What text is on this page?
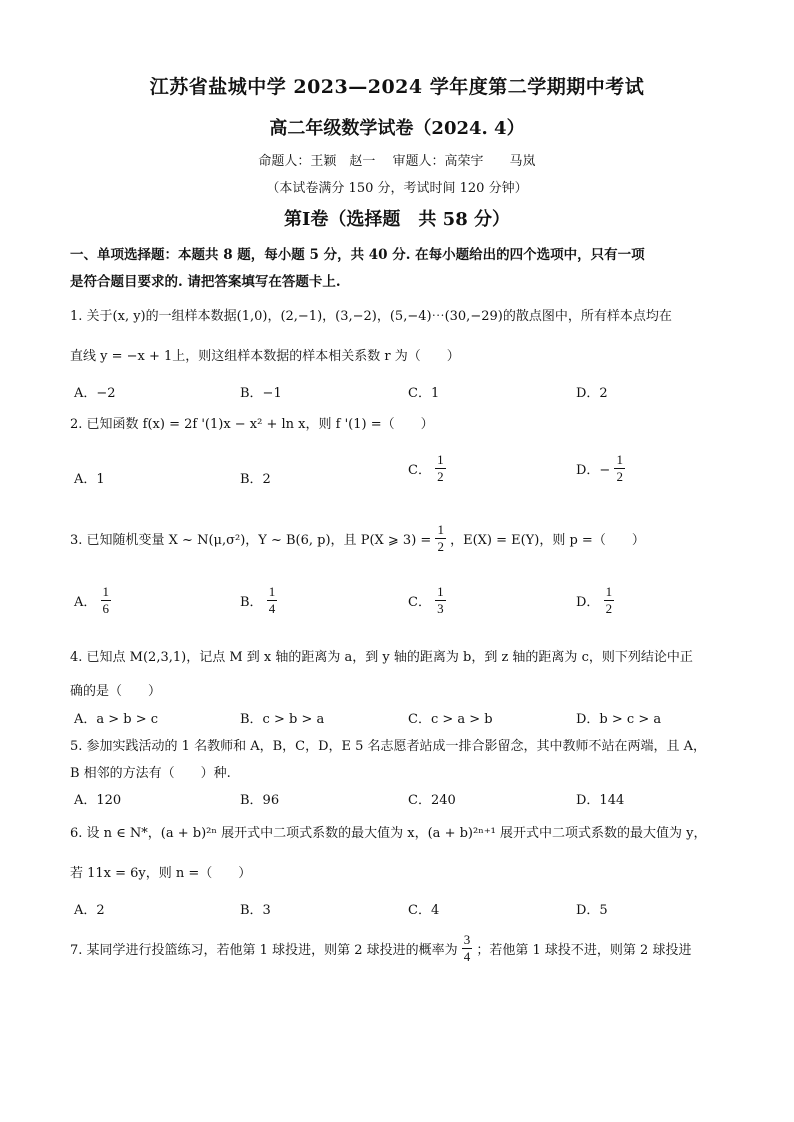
江苏省盐城中学 2023—2024 学年度第二学期期中考试
高二年级数学试卷（2024. 4）
命题人：王颖　赵一　 审题人：高荣宇　　马岚
（本试卷满分 150 分，考试时间 120 分钟）
第Ⅰ卷（选择题　共 58 分）
一、单项选择题：本题共 8 题，每小题 5 分，共 40 分. 在每小题给出的四个选项中，只有一项
是符合题目要求的. 请把答案填写在答题卡上.
1. 关于(x, y)的一组样本数据(1,0)，(2,−1)，(3,−2)，(5,−4)⋯(30,−29)的散点图中，所有样本点均在
直线 y = −x + 1上，则这组样本数据的样本相关系数 r 为（　　）
A．−2	B．−1	C．1	D．2
2. 已知函数 f(x) = 2f '(1)x − x² + ln x，则 f '(1) =（　　）
A．1	B．2
C． $\frac{1}{2}$	D．− $\frac{1}{2}$
3. 已知随机变量 X ~ N(μ,σ²)，Y ~ B(6, p)，且 P(X ⩾ $3) = \frac{1}{2}$ ，E(X) = E(Y)，则 p =（　　）
A． $\frac{1}{6}$	B． $\frac{1}{4}$	C． $\frac{1}{3}$	D． $\frac{1}{2}$
4. 已知点 M(2,3,1)，记点 M 到 x 轴的距离为 a，到 y 轴的距离为 b，到 z 轴的距离为 c，则下列结论中正
确的是（　　）
A．a > b > c	B．c > b > a	C．c > a > b	D．b > c > a
5. 参加实践活动的 1 名教师和 A，B，C，D，E 5 名志愿者站成一排合影留念，其中教师不站在两端，且 A，
B 相邻的方法有（　　）种.
A．120	B．96	C．240	D．144
6. 设 n ∈ N*，(a + b)²ⁿ 展开式中二项式系数的最大值为 x，(a + b)²ⁿ⁺¹ 展开式中二项式系数的最大值为 y，
若 11x = 6y，则 n =（　　）
A．2	B．3	C．4	D．5
7. 某同学进行投篮练习，若他第 1 球投进，则第 2 球投进的概率为 $\frac{3}{4}$ ；若他第 1 球投不进，则第 2 球投进
